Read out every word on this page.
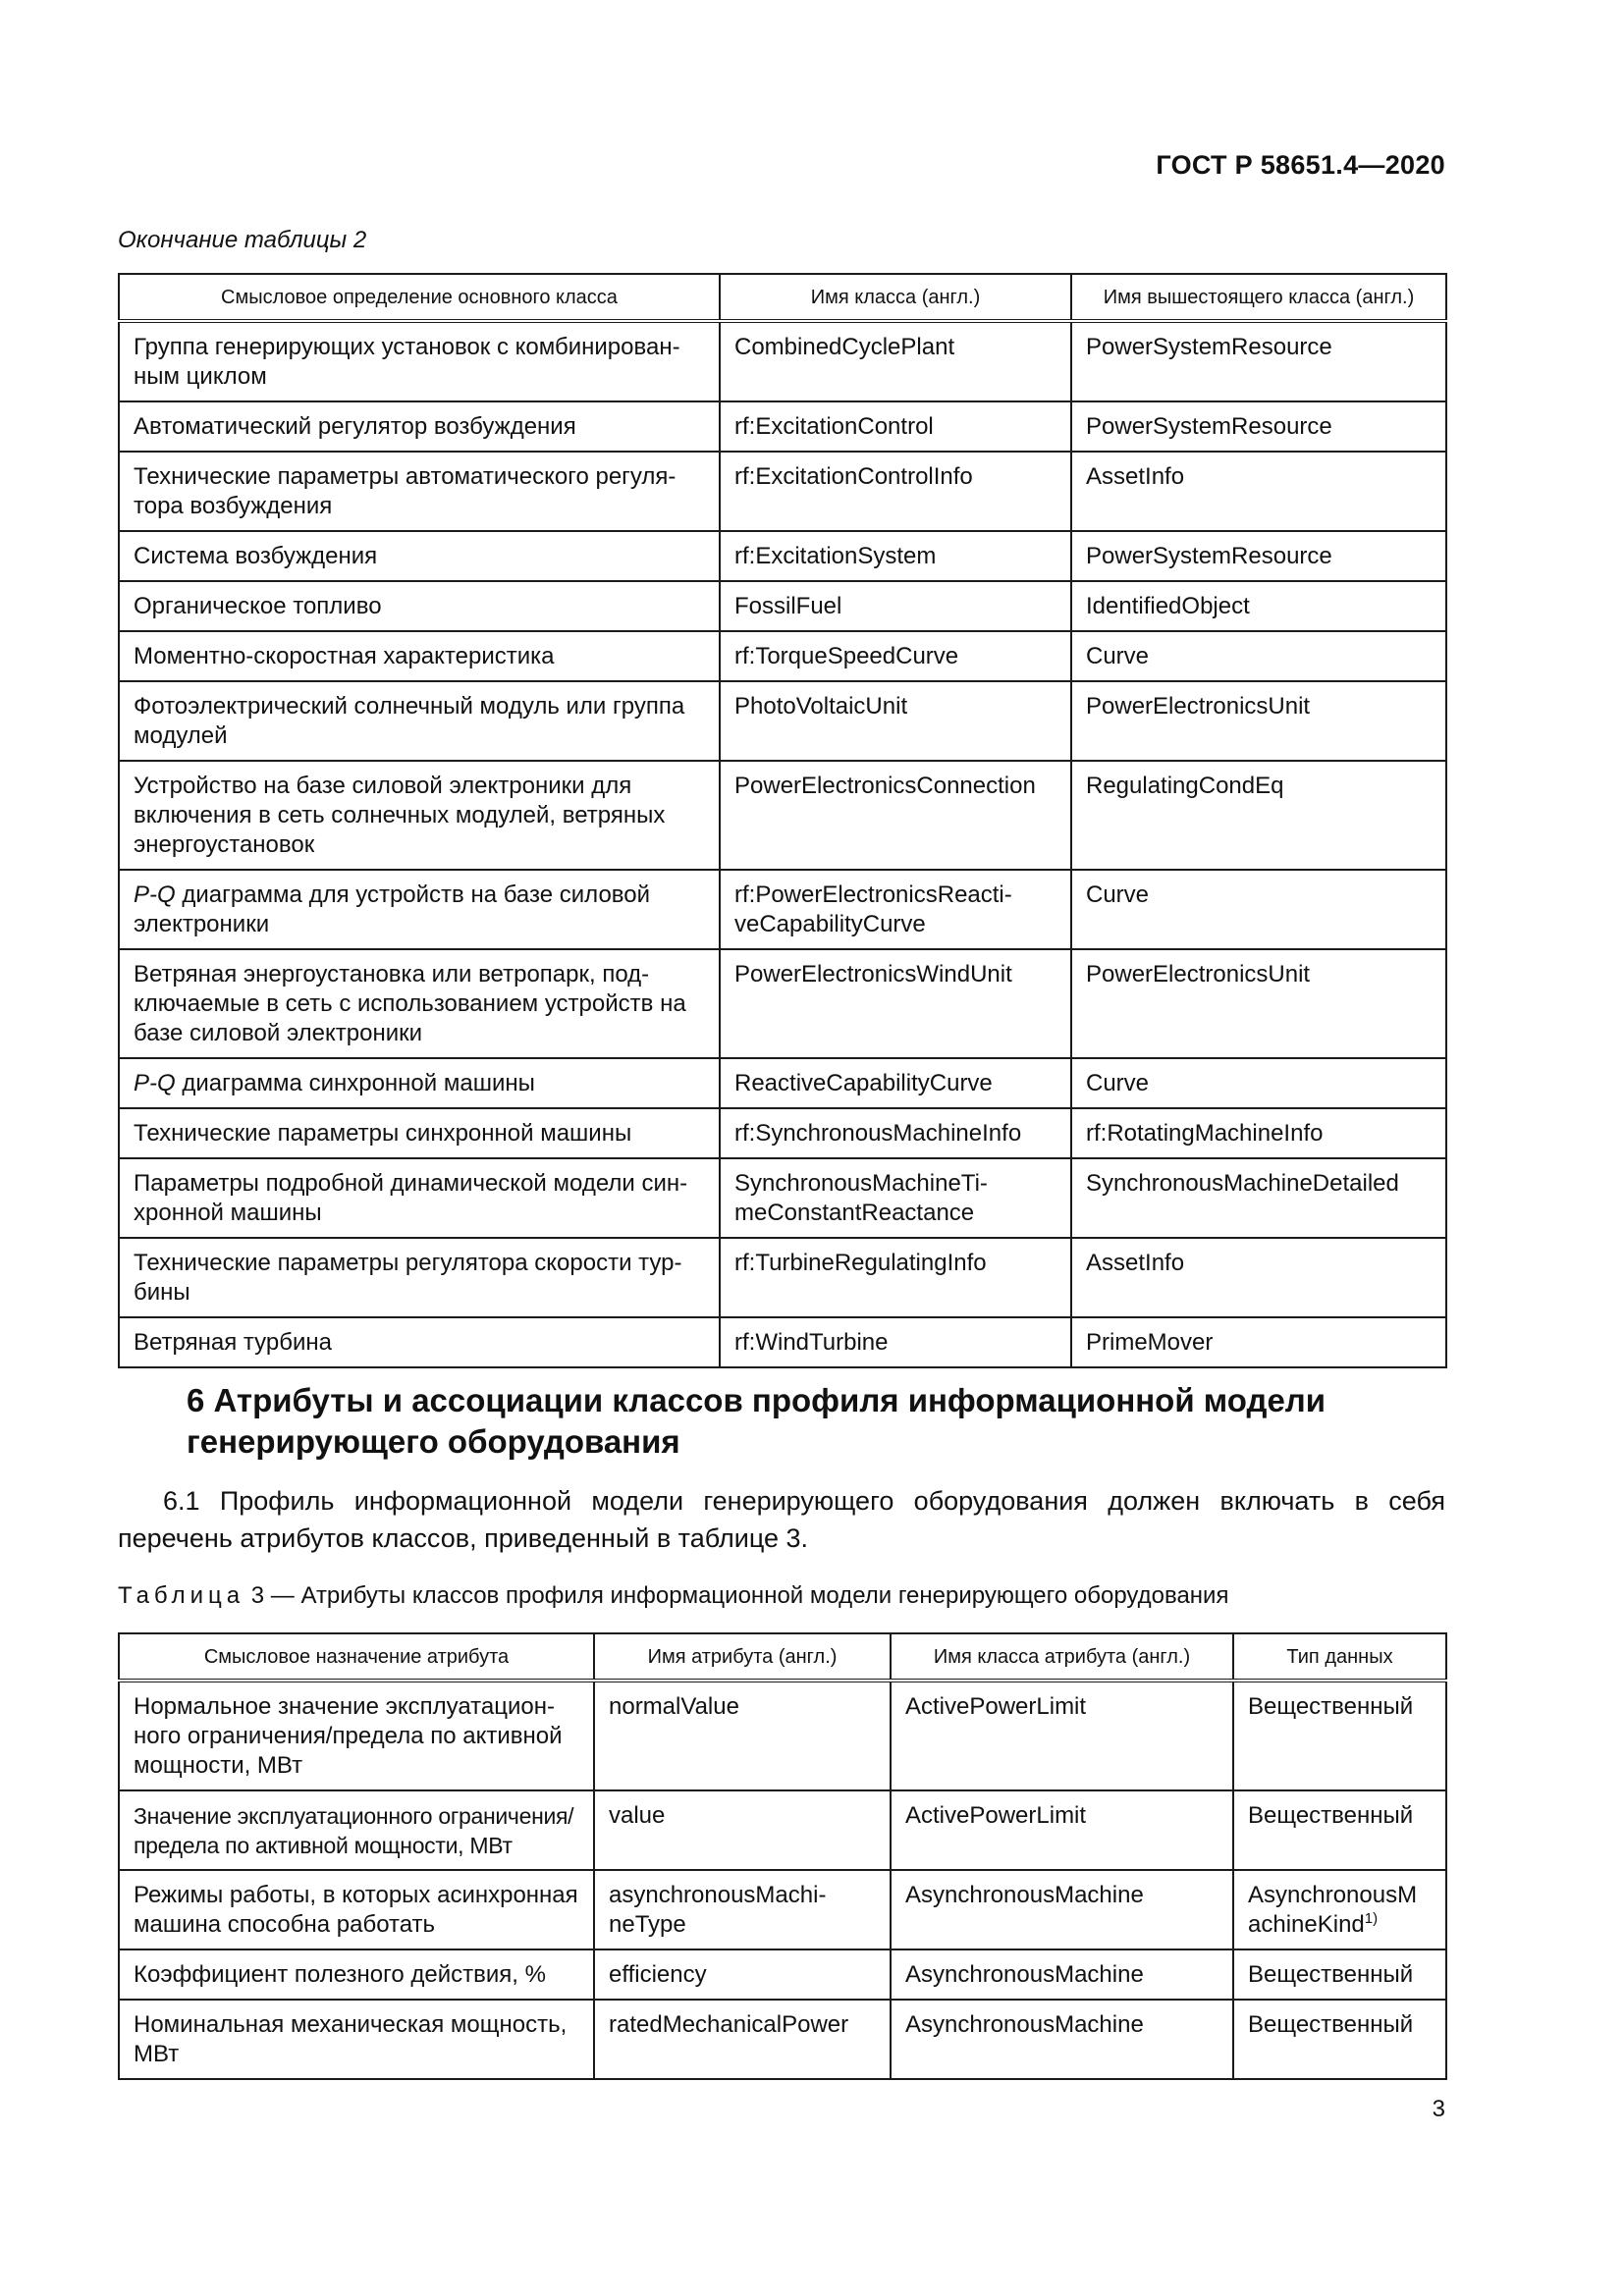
ГОСТ Р 58651.4—2020
Окончание таблицы 2
Смысловое определение основного класса	Имя класса (англ.)	Имя вышестоящего класса (англ.)
Группа генерирующих установок с комбинированным циклом	CombinedCyclePlant	PowerSystemResource
Автоматический регулятор возбуждения	rf:ExcitationControl	PowerSystemResource
Технические параметры автоматического регулятора возбуждения	rf:ExcitationControlInfo	AssetInfo
Система возбуждения	rf:ExcitationSystem	PowerSystemResource
Органическое топливо	FossilFuel	IdentifiedObject
Моментно-скоростная характеристика	rf:TorqueSpeedCurve	Curve
Фотоэлектрический солнечный модуль или группа модулей	PhotoVoltaicUnit	PowerElectronicsUnit
Устройство на базе силовой электроники для включения в сеть солнечных модулей, ветряных энергоустановок	PowerElectronicsConnection	RegulatingCondEq
P-Q диаграмма для устройств на базе силовой электроники	rf:PowerElectronicsReactiveCapabilityCurve	Curve
Ветряная энергоустановка или ветропарк, подключаемые в сеть с использованием устройств на базе силовой электроники	PowerElectronicsWindUnit	PowerElectronicsUnit
P-Q диаграмма синхронной машины	ReactiveCapabilityCurve	Curve
Технические параметры синхронной машины	rf:SynchronousMachineInfo	rf:RotatingMachineInfo
Параметры подробной динамической модели синхронной машины	SynchronousMachineTimeConstantReactance	SynchronousMachineDetailed
Технические параметры регулятора скорости турбины	rf:TurbineRegulatingInfo	AssetInfo
Ветряная турбина	rf:WindTurbine	PrimeMover
6 Атрибуты и ассоциации классов профиля информационной модели генерирующего оборудования
6.1 Профиль информационной модели генерирующего оборудования должен включать в себя перечень атрибутов классов, приведенный в таблице 3.
Таблица 3 — Атрибуты классов профиля информационной модели генерирующего оборудования
Смысловое назначение атрибута	Имя атрибута (англ.)	Имя класса атрибута (англ.)	Тип данных
Нормальное значение эксплуатационного ограничения/предела по активной мощности, МВт	normalValue	ActivePowerLimit	Вещественный
Значение эксплуатационного ограничения/предела по активной мощности, МВт	value	ActivePowerLimit	Вещественный
Режимы работы, в которых асинхронная машина способна работать	asynchronousMachineType	AsynchronousMachine	AsynchronousMachineKind$^{1)}$
Коэффициент полезного действия, %	efficiency	AsynchronousMachine	Вещественный
Номинальная механическая мощность, МВт	ratedMechanicalPower	AsynchronousMachine	Вещественный
3
